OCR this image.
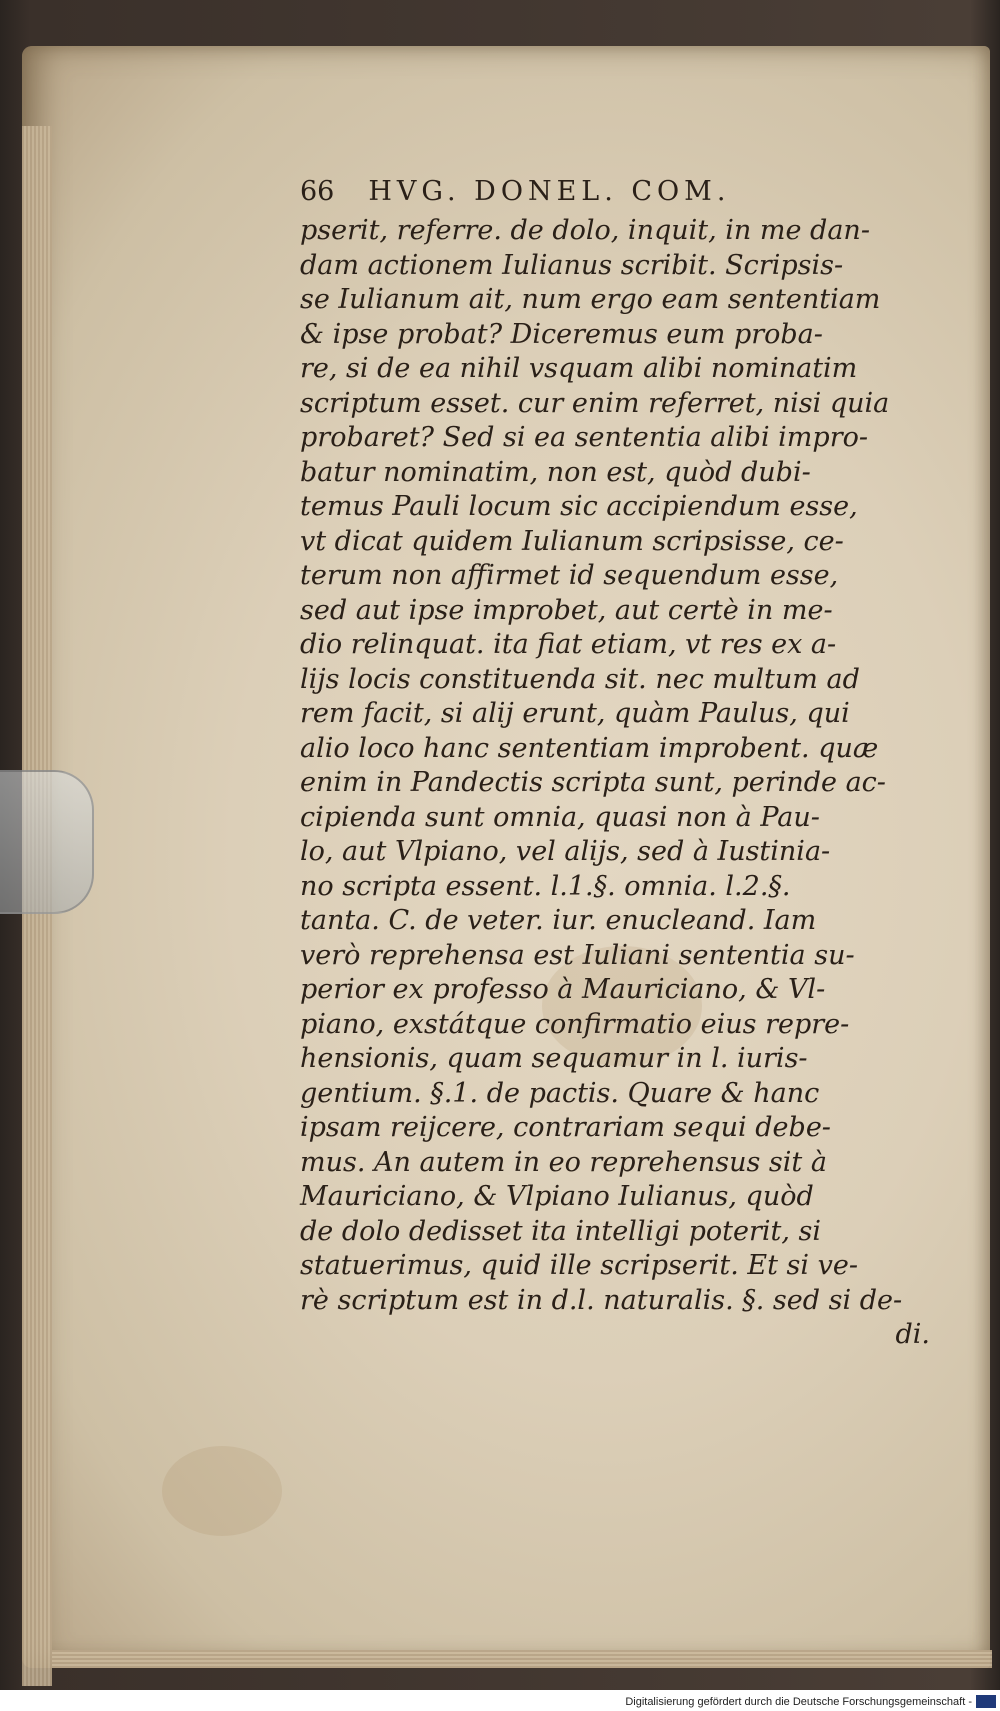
66 HVG. DONEL. COM.
pserit, referre. de dolo, inquit, in me dan-
dam actionem Iulianus scribit. Scripsis-
se Iulianum ait, num ergo eam sententiam
& ipse probat? Diceremus eum proba-
re, si de ea nihil vsquam alibi nominatim
scriptum esset. cur enim referret, nisi quia
probaret? Sed si ea sententia alibi impro-
batur nominatim, non est, quòd dubi-
temus Pauli locum sic accipiendum esse,
vt dicat quidem Iulianum scripsisse, ce-
terum non affirmet id sequendum esse,
sed aut ipse improbet, aut certè in me-
dio relinquat. ita fiat etiam, vt res ex a-
lijs locis constituenda sit. nec multum ad
rem facit, si alij erunt, quàm Paulus, qui
alio loco hanc sententiam improbent. quæ
enim in Pandectis scripta sunt, perinde ac-
cipienda sunt omnia, quasi non à Pau-
lo, aut Vlpiano, vel alijs, sed à Iustinia-
no scripta essent. l.1.§. omnia. l.2.§.
tanta. C. de veter. iur. enucleand. Iam
verò reprehensa est Iuliani sententia su-
perior ex professo à Mauriciano, & Vl-
piano, exstátque confirmatio eius repre-
hensionis, quam sequamur in l. iuris-
gentium. §.1. de pactis. Quare & hanc
ipsam reijcere, contrariam sequi debe-
mus. An autem in eo reprehensus sit à
Mauriciano, & Vlpiano Iulianus, quòd
de dolo dedisset ita intelligi poterit, si
statuerimus, quid ille scripserit. Et si ve-
rè scriptum est in d.l. naturalis. §. sed si de-
di.
Digitalisierung gefördert durch die Deutsche Forschungsgemeinschaft -
